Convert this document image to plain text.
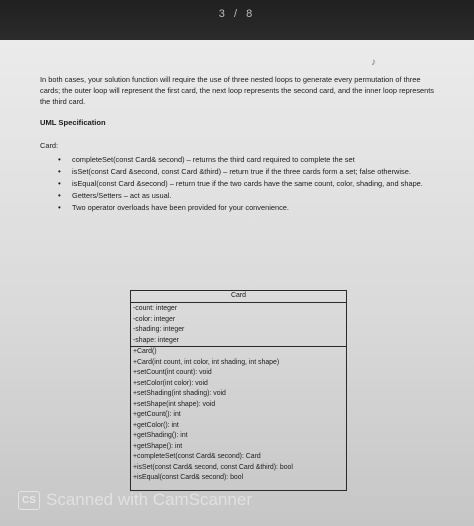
3 / 8
♪

In both cases, your solution function will require the use of three nested loops to generate every permutation of three cards; the outer loop will represent the first card, the next loop represents the second card, and the inner loop represents the third card.

UML Specification

Card:

• completeSet(const Card& second) – returns the third card required to complete the set
• isSet(const Card &second, const Card &third) – return true if the three cards form a set; false otherwise.
• isEqual(const Card &second) – return true if the two cards have the same count, color, shading, and shape.
• Getters/Setters – act as usual.
• Two operator overloads have been provided for your convenience.
Card
-count: integer
-color: integer
-shading: integer
-shape: integer
+Card()
+Card(int count, int color, int shading, int shape)
+setCount(int count): void
+setColor(int color): void
+setShading(int shading): void
+setShape(int shape): void
+getCount(): int
+getColor(): int
+getShading(): int
+getShape(): int
+completeSet(const Card& second): Card
+isSet(const Card& second, const Card &third): bool
+isEqual(const Card& second): bool
CS Scanned with CamScanner
